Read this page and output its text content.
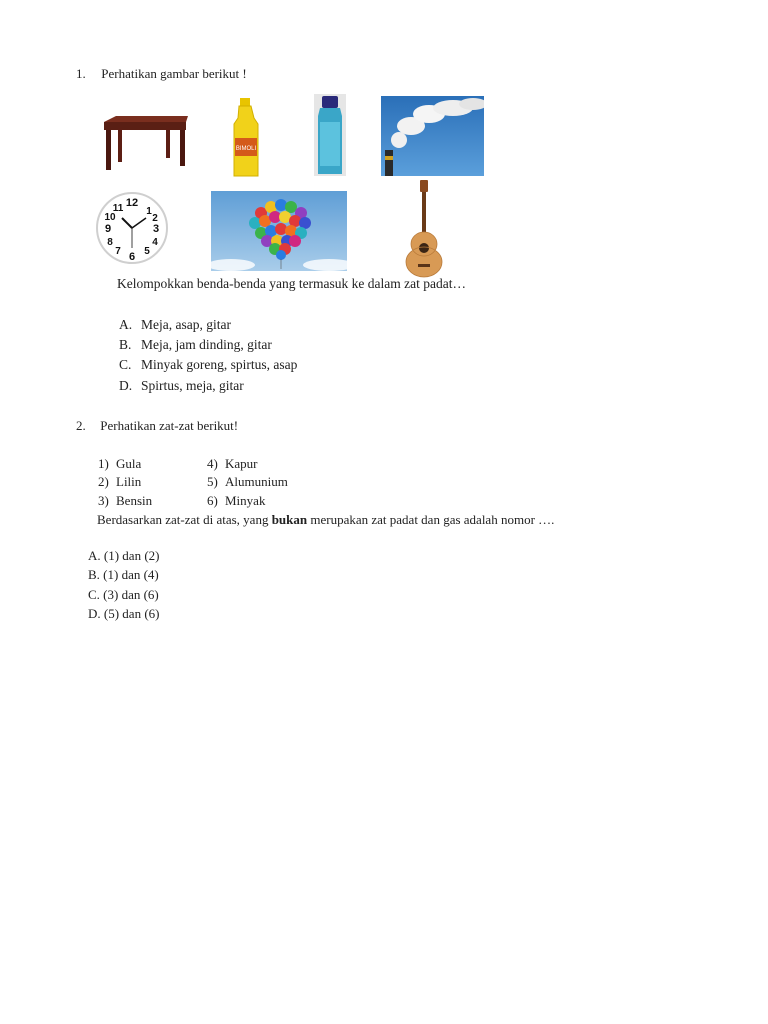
1. Perhatikan gambar berikut !
BIMOLI
12
3
6
9
1
2
4
5
7
8
10
11
Kelompokkan benda-benda yang termasuk ke dalam zat padat…
A. Meja, asap, gitar
B. Meja, jam dinding, gitar
C. Minyak goreng, spirtus, asap
D. Spirtus, meja, gitar
2. Perhatikan zat-zat berikut!
1) Gula
2) Lilin
3) Bensin
4) Kapur
5) Alumunium
6) Minyak
Berdasarkan zat-zat di atas, yang bukan merupakan zat padat dan gas adalah nomor ….
A. (1) dan (2)
B. (1) dan (4)
C. (3) dan (6)
D. (5) dan (6)
